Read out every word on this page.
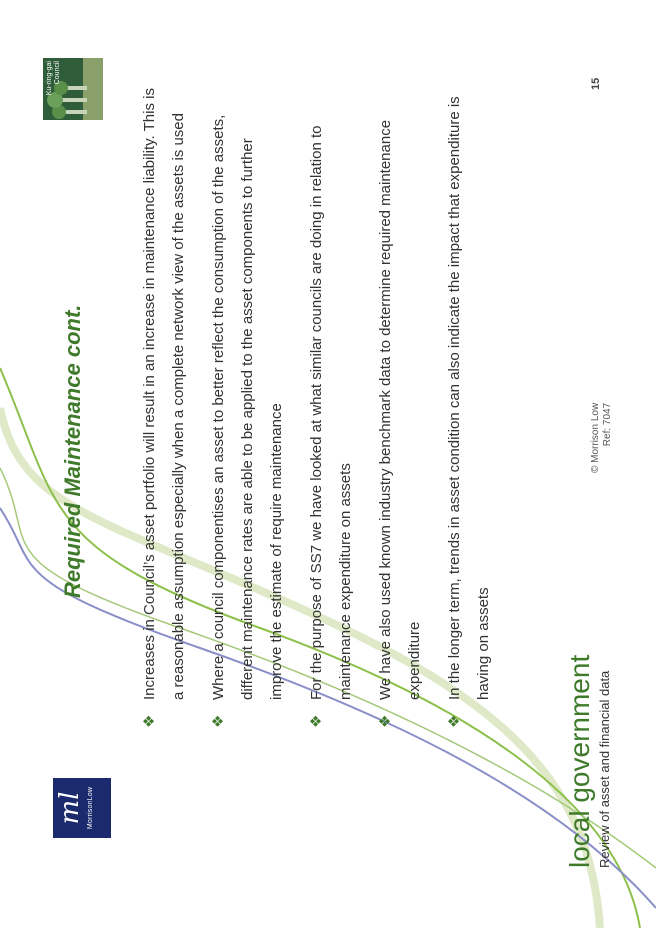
ml MorrisonLow
Required Maintenance cont.
❖
Increases in Council’s asset portfolio will result in an increase in maintenance liability. This is a reasonable assumption especially when a complete network view of the assets is used
❖
Where a council componentises an asset to better reflect the consumption of the assets, different maintenance rates are able to be applied to the asset components to further improve the estimate of require maintenance
❖
For the purpose of SS7 we have looked at what similar councils are doing in relation to maintenance expenditure on assets
❖
We have also used known industry benchmark data to determine required maintenance expenditure
❖
In the longer term, trends in asset condition can also indicate the impact that expenditure is having on assets
Ku-ring-gai
Council
local government Review of asset and financial data
© Morrison Low
Ref: 7047
15
